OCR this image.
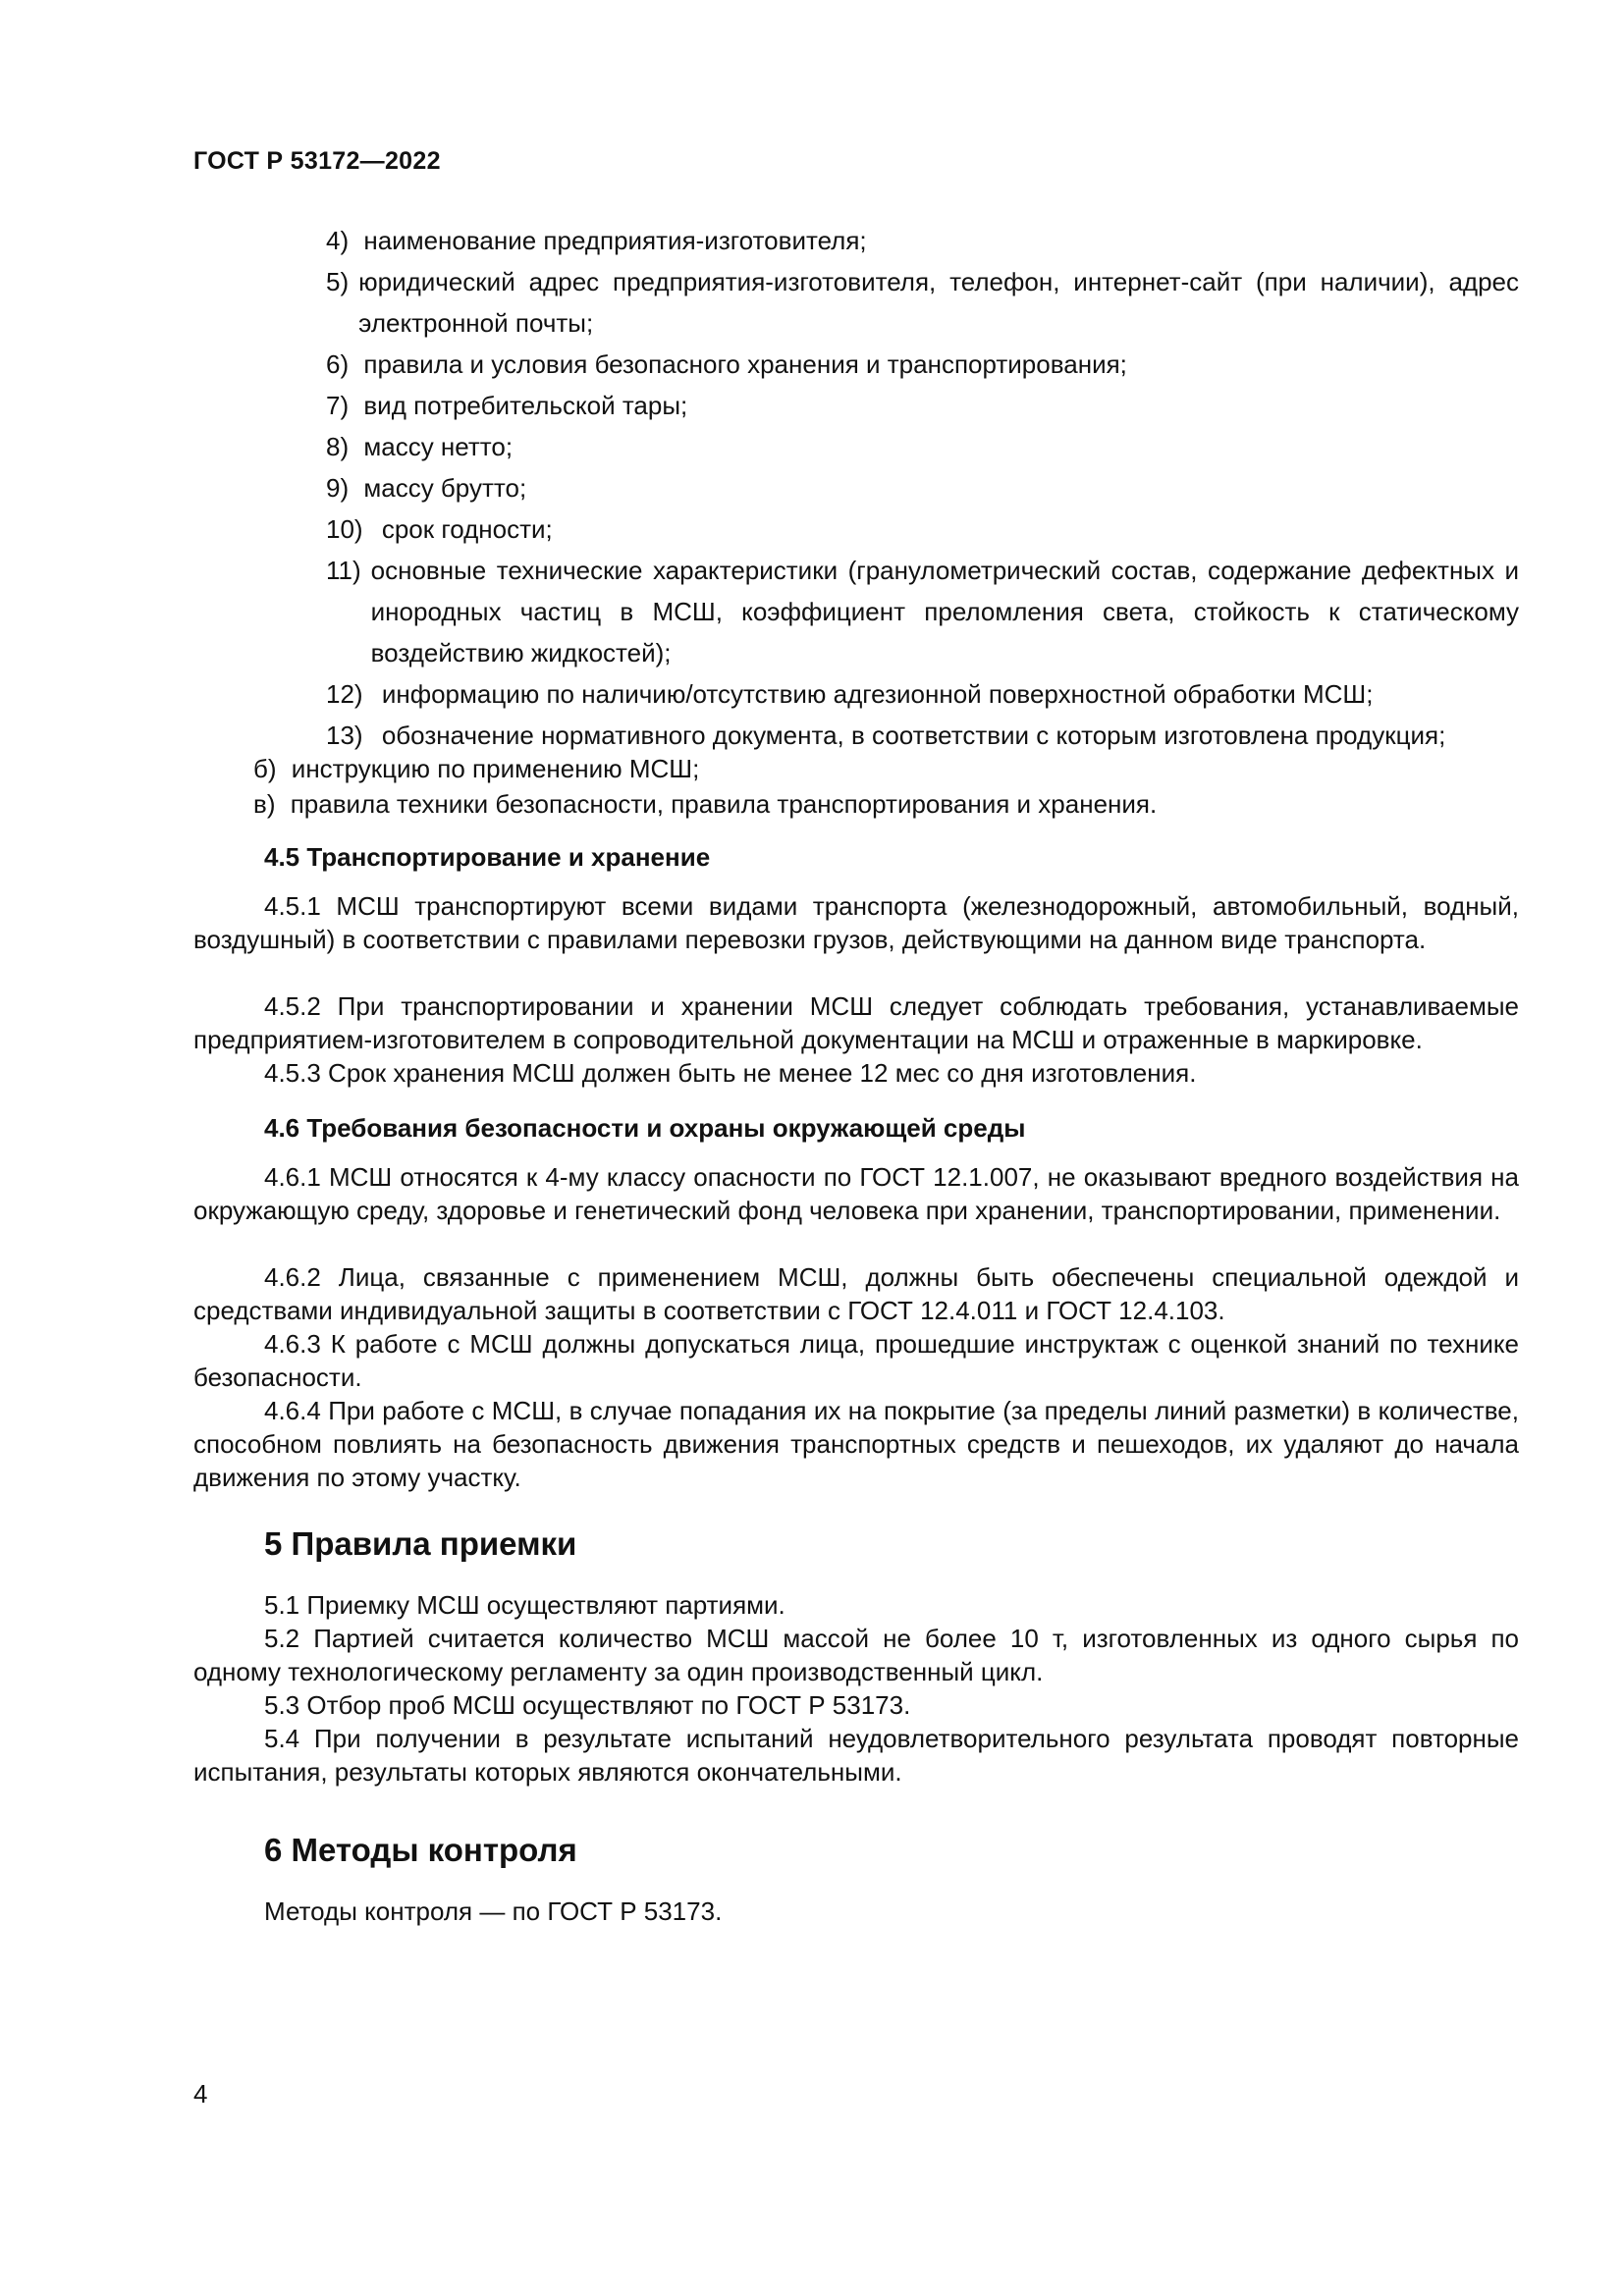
ГОСТ Р 53172—2022
4) наименование предприятия-изготовителя;
5) юридический адрес предприятия-изготовителя, телефон, интернет-сайт (при наличии), адрес электронной почты;
6) правила и условия безопасного хранения и транспортирования;
7) вид потребительской тары;
8) массу нетто;
9) массу брутто;
10) срок годности;
11) основные технические характеристики (гранулометрический состав, содержание дефектных и инородных частиц в МСШ, коэффициент преломления света, стойкость к статическому воздействию жидкостей);
12) информацию по наличию/отсутствию адгезионной поверхностной обработки МСШ;
13) обозначение нормативного документа, в соответствии с которым изготовлена продукция;
б) инструкцию по применению МСШ;
в) правила техники безопасности, правила транспортирования и хранения.
4.5 Транспортирование и хранение
4.5.1 МСШ транспортируют всеми видами транспорта (железнодорожный, автомобильный, водный, воздушный) в соответствии с правилами перевозки грузов, действующими на данном виде транспорта.
4.5.2 При транспортировании и хранении МСШ следует соблюдать требования, устанавливаемые предприятием-изготовителем в сопроводительной документации на МСШ и отраженные в маркировке.
4.5.3 Срок хранения МСШ должен быть не менее 12 мес со дня изготовления.
4.6 Требования безопасности и охраны окружающей среды
4.6.1 МСШ относятся к 4-му классу опасности по ГОСТ 12.1.007, не оказывают вредного воздействия на окружающую среду, здоровье и генетический фонд человека при хранении, транспортировании, применении.
4.6.2 Лица, связанные с применением МСШ, должны быть обеспечены специальной одеждой и средствами индивидуальной защиты в соответствии с ГОСТ 12.4.011 и ГОСТ 12.4.103.
4.6.3 К работе с МСШ должны допускаться лица, прошедшие инструктаж с оценкой знаний по технике безопасности.
4.6.4 При работе с МСШ, в случае попадания их на покрытие (за пределы линий разметки) в количестве, способном повлиять на безопасность движения транспортных средств и пешеходов, их удаляют до начала движения по этому участку.
5 Правила приемки
5.1 Приемку МСШ осуществляют партиями.
5.2 Партией считается количество МСШ массой не более 10 т, изготовленных из одного сырья по одному технологическому регламенту за один производственный цикл.
5.3 Отбор проб МСШ осуществляют по ГОСТ Р 53173.
5.4 При получении в результате испытаний неудовлетворительного результата проводят повторные испытания, результаты которых являются окончательными.
6 Методы контроля
Методы контроля — по ГОСТ Р 53173.
4
